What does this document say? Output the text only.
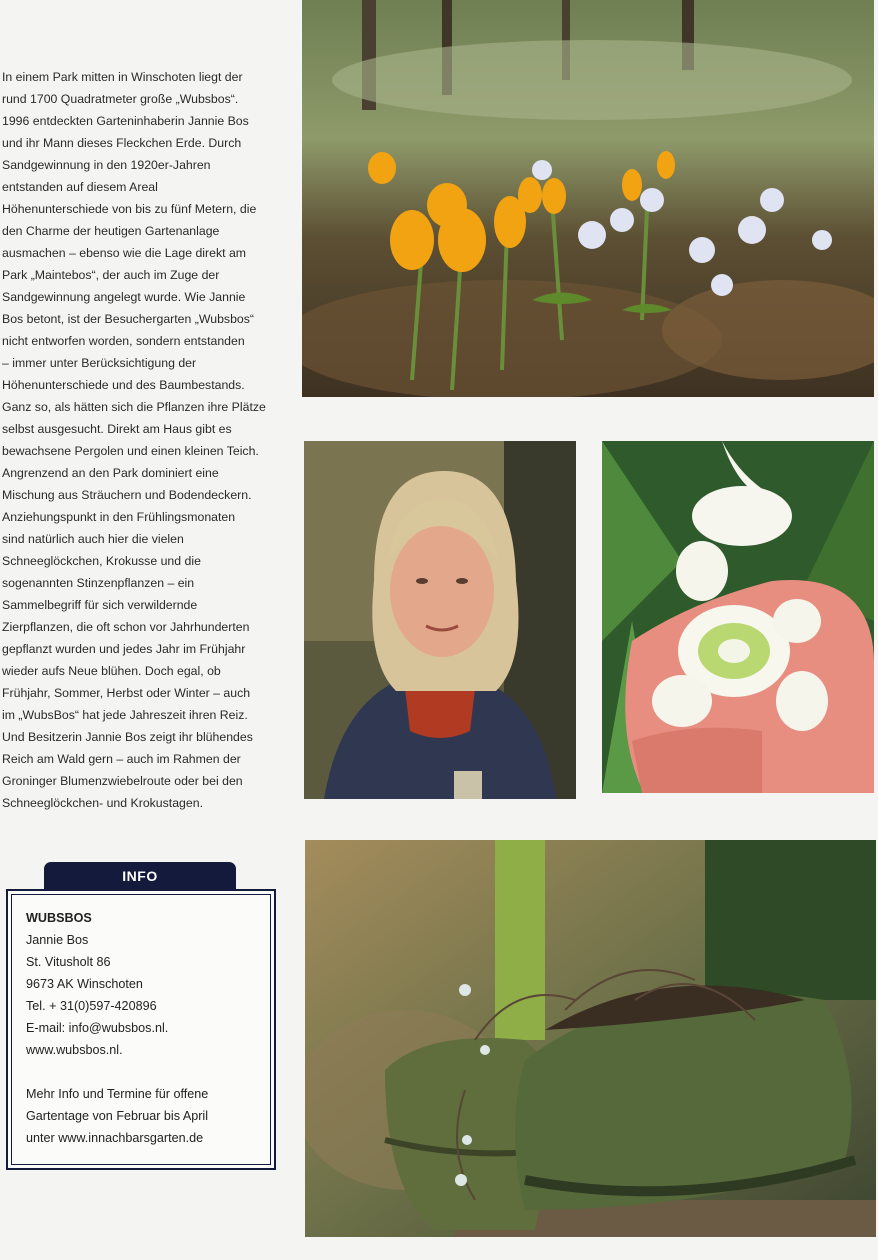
In einem Park mitten in Winschoten liegt der

rund 1700 Quadratmeter große „Wubsbos“.

1996 entdeckten Garteninhaberin Jannie Bos

und ihr Mann dieses Fleckchen Erde. Durch

Sandgewinnung in den 1920er-Jahren

entstanden auf diesem Areal

Höhenunterschiede von bis zu fünf Metern, die

den Charme der heutigen Gartenanlage

ausmachen – ebenso wie die Lage direkt am

Park „Maintebos“, der auch im Zuge der

Sandgewinnung angelegt wurde. Wie Jannie

Bos betont, ist der Besuchergarten „Wubsbos“

nicht entworfen worden, sondern entstanden

– immer unter Berücksichtigung der

Höhenunterschiede und des Baumbestands.

Ganz so, als hätten sich die Pflanzen ihre Plätze

selbst ausgesucht. Direkt am Haus gibt es

bewachsene Pergolen und einen kleinen Teich.

Angrenzend an den Park dominiert eine

Mischung aus Sträuchern und Bodendeckern.

Anziehungspunkt in den Frühlingsmonaten

sind natürlich auch hier die vielen

Schneeglöckchen, Krokusse und die

sogenannten Stinzenpflanzen – ein

Sammelbegriff für sich verwildernde

Zierpflanzen, die oft schon vor Jahrhunderten

gepflanzt wurden und jedes Jahr im Frühjahr

wieder aufs Neue blühen. Doch egal, ob

Frühjahr, Sommer, Herbst oder Winter – auch

im „WubsBos“ hat jede Jahreszeit ihren Reiz.

Und Besitzerin Jannie Bos zeigt ihr blühendes

Reich am Wald gern – auch im Rahmen der

Groninger Blumenzwiebelroute oder bei den

Schneeglöckchen- und Krokustagen.

INFO
WUBSBOS
Jannie Bos
St. Vitusholt 86
9673 AK Winschoten
Tel. + 31(0)597-420896
E-mail: info@wubsbos.nl.
www.wubsbos.nl.
Mehr Info und Termine für offene
Gartentage von Februar bis April
unter www.innachbarsgarten.de
